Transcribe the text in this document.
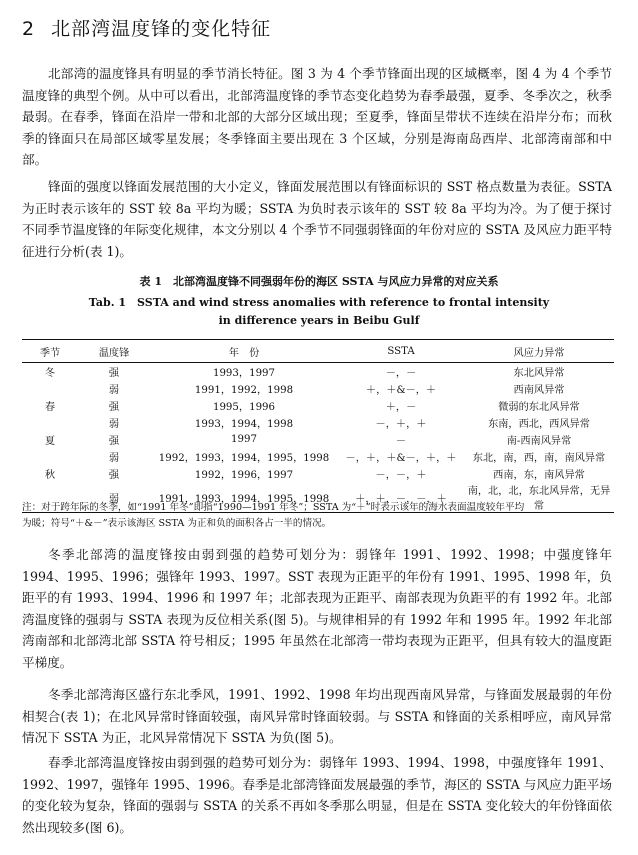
2 北部湾温度锋的变化特征

北部湾的温度锋具有明显的季节消长特征。图 3 为 4 个季节锋面出现的区域概率，图 4 为 4 个季节温度锋的典型个例。从中可以看出，北部湾温度锋的季节态变化趋势为春季最强，夏季、冬季次之，秋季最弱。在春季，锋面在沿岸一带和北部的大部分区域出现；至夏季，锋面呈带状不连续在沿岸分布；而秋季的锋面只在局部区域零星发展；冬季锋面主要出现在 3 个区域，分别是海南岛西岸、北部湾南部和中部。

锋面的强度以锋面发展范围的大小定义，锋面发展范围以有锋面标识的 SST 格点数量为表征。SSTA 为正时表示该年的 SST 较 8a 平均为暖；SSTA 为负时表示该年的 SST 较 8a 平均为冷。为了便于探讨不同季节温度锋的年际变化规律，本文分别以 4 个季节不同强弱锋面的年份对应的 SSTA 及风应力距平特征进行分析(表 1)。

表 1　北部湾温度锋不同强弱年份的海区 SSTA 与风应力异常的对应关系
Tab. 1　SSTA and wind stress anomalies with reference to frontal intensity
in difference years in Beibu Gulf
季节	温度锋	年　份	SSTA	风应力异常
冬	强	1993，1997	－，－	东北风异常
	弱	1991，1992，1998	＋，＋&－，＋	西南风异常
春	强	1995，1996	＋，－	微弱的东北风异常
	弱	1993，1994，1998	－，＋，＋	东南，西北，西风异常
夏	强	1997	－	南-西南风异常
	弱	1992，1993，1994，1995，1998	－，＋，＋&－，＋，＋	东北，南，西，南，南风异常
秋	强	1992，1996，1997	－，－，＋	西南，东，南风异常
	弱	1991，1993，1994，1995，1998	＋，＋，－，－，＋	南，北，北，东北风异常，无异常
注：对于跨年际的冬季，如“1991 年冬”即指“1990—1991 年冬”；SSTA 为“＋”时表示该年的海水表面温度较年平均
为暖；符号“＋&－”表示该海区 SSTA 为正和负的面积各占一半的情况。

冬季北部湾的温度锋按由弱到强的趋势可划分为：弱锋年 1991、1992、1998；中强度锋年 1994、1995、1996；强锋年 1993、1997。SST 表现为正距平的年份有 1991、1995、1998 年，负距平的有 1993、1994、1996 和 1997 年；北部表现为正距平、南部表现为负距平的有 1992 年。北部湾温度锋的强弱与 SSTA 表现为反位相关系(图 5)。与规律相异的有 1992 年和 1995 年。1992 年北部湾南部和北部湾北部 SSTA 符号相反；1995 年虽然在北部湾一带均表现为正距平，但具有较大的温度距平梯度。

冬季北部湾海区盛行东北季风，1991、1992、1998 年均出现西南风异常，与锋面发展最弱的年份相契合(表 1)；在北风异常时锋面较强，南风异常时锋面较弱。与 SSTA 和锋面的关系相呼应，南风异常情况下 SSTA 为正，北风异常情况下 SSTA 为负(图 5)。

春季北部湾温度锋按由弱到强的趋势可划分为：弱锋年 1993、1994、1998，中强度锋年 1991、1992、1997，强锋年 1995、1996。春季是北部湾锋面发展最强的季节，海区的 SSTA 与风应力距平场的变化较为复杂，锋面的强弱与 SSTA 的关系不再如冬季那么明显，但是在 SSTA 变化较大的年份锋面依然出现较多(图 6)。
